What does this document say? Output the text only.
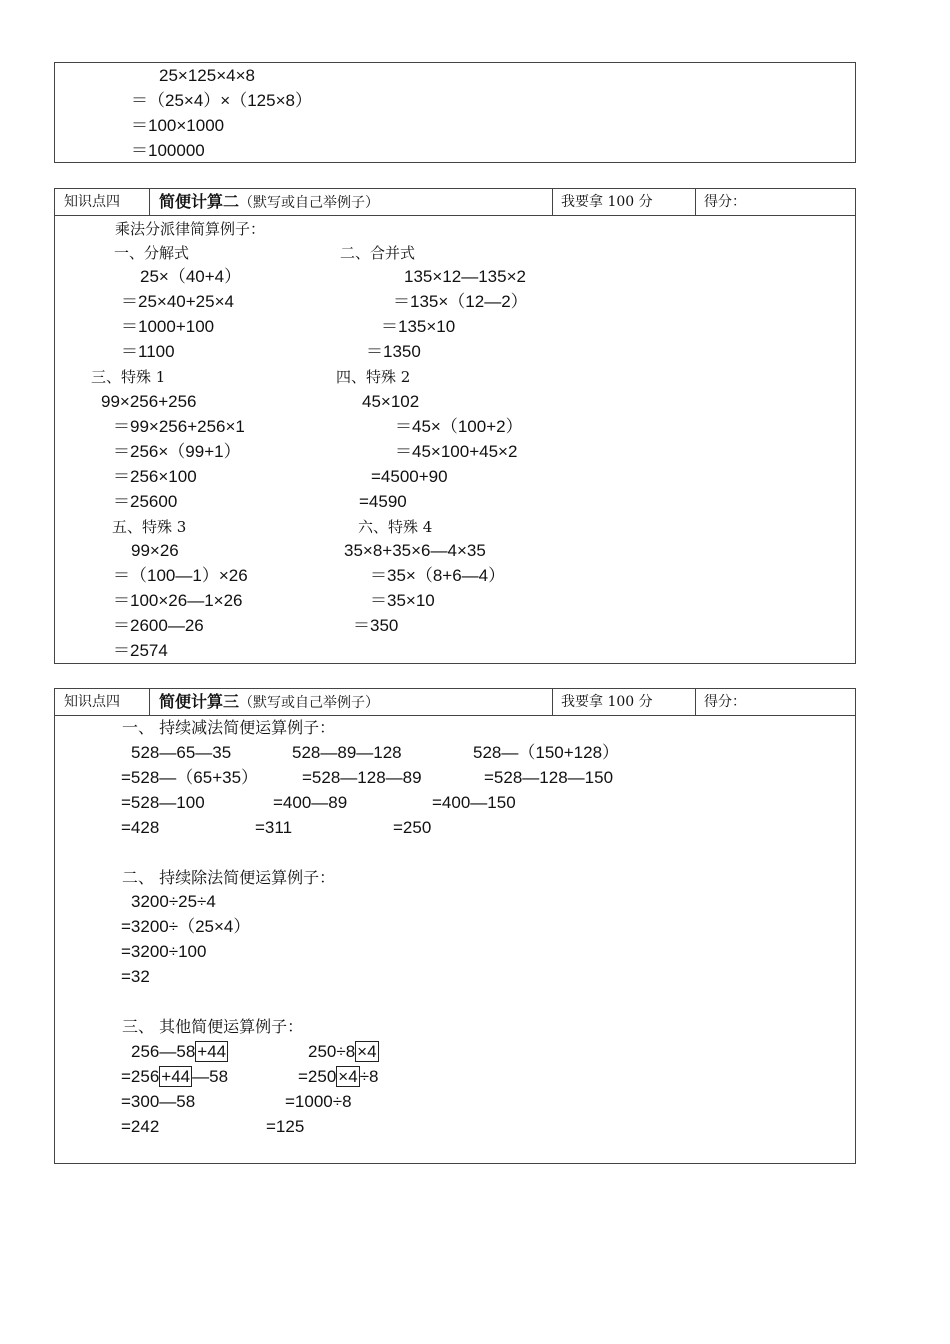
25×125×4×8
＝（25×4）×（125×8）
＝100×1000
＝100000
知识点四	简便计算二（默写或自己举例子）	我要拿 100 分	得分：
乘法分派律简算例子：
一、分解式
25×（40+4）
＝25×40+25×4
＝1000+100
＝1100
二、合并式
135×12—135×2
＝135×（12—2）
＝135×10
＝1350
三、特殊 1
99×256+256
＝99×256+256×1
＝256×（99+1）
＝256×100
＝25600
四、特殊 2
45×102
＝45×（100+2）
＝45×100+45×2
=4500+90
=4590
五、特殊 3
99×26
＝（100—1）×26
＝100×26—1×26
＝2600—26
＝2574
六、特殊 4
35×8+35×6—4×35
＝35×（8+6—4）
＝35×10
＝350
知识点四	简便计算三（默写或自己举例子）	我要拿 100 分	得分：
一、 持续减法简便运算例子：
528—65—35
=528—（65+35）
=528—100
=428
528—89—128
=528—128—89
=400—89
=311
528—（150+128）
=528—128—150
=400—150
=250
二、 持续除法简便运算例子：
3200÷25÷4
=3200÷（25×4）
=3200÷100
=32
三、 其他简便运算例子：
256—58 +44
=256 +44 —58
=300—58
=242
250÷8 ×4
=250 ×4 ÷8
=1000÷8
=125
